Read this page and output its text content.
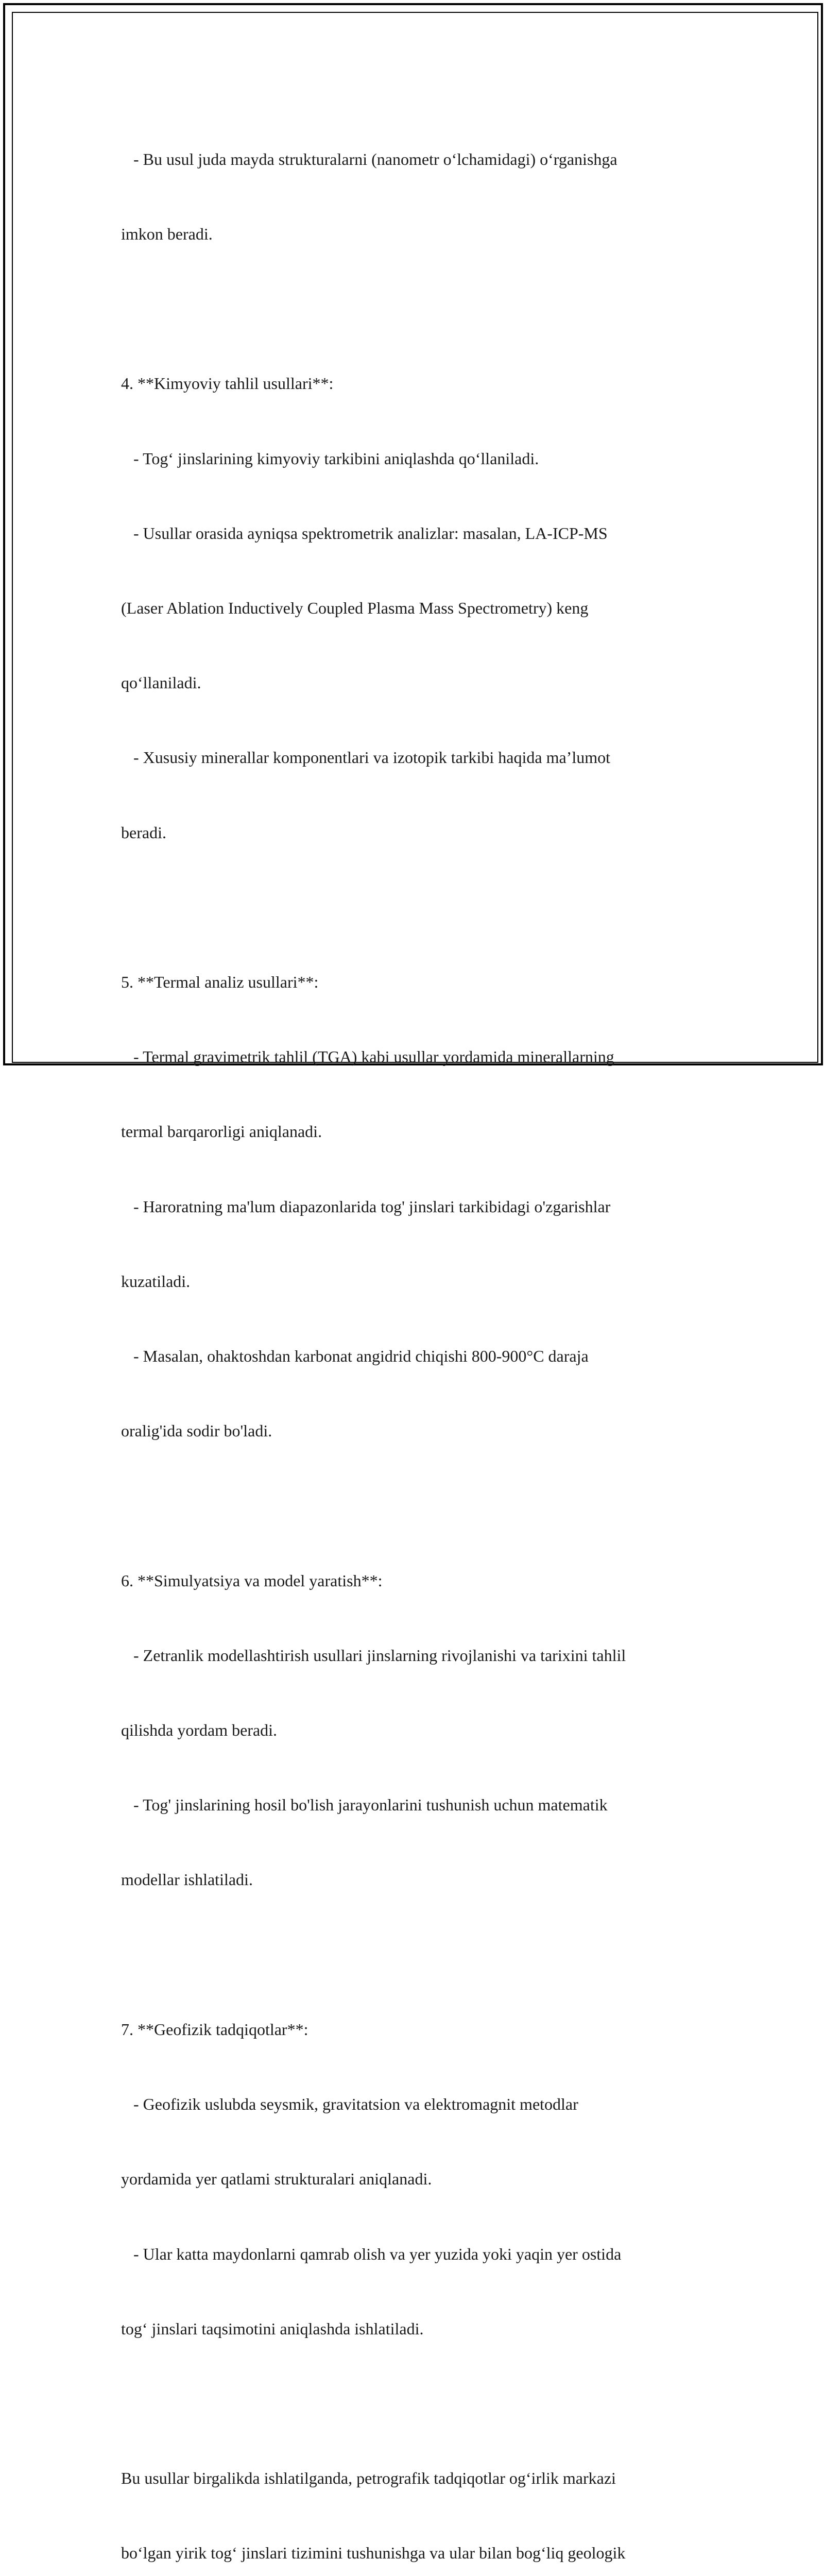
- Bu usul juda mayda strukturalarni (nanometr o‘lchamidagi) o‘rganishga

imkon beradi.

4. **Kimyoviy tahlil usullari**:

- Tog‘ jinslarining kimyoviy tarkibini aniqlashda qo‘llaniladi.

- Usullar orasida ayniqsa spektrometrik analizlar: masalan, LA-ICP-MS

(Laser Ablation Inductively Coupled Plasma Mass Spectrometry) keng

qo‘llaniladi.

- Xususiy minerallar komponentlari va izotopik tarkibi haqida ma’lumot

beradi.

5. **Termal analiz usullari**:

- Termal gravimetrik tahlil (TGA) kabi usullar yordamida minerallarning

termal barqarorligi aniqlanadi.

- Haroratning ma'lum diapazonlarida tog' jinslari tarkibidagi o'zgarishlar

kuzatiladi.

- Masalan, ohaktoshdan karbonat angidrid chiqishi 800-900°C daraja

oralig'ida sodir bo'ladi.

6. **Simulyatsiya va model yaratish**:

- Zetranlik modellashtirish usullari jinslarning rivojlanishi va tarixini tahlil

qilishda yordam beradi.

- Tog' jinslarining hosil bo'lish jarayonlarini tushunish uchun matematik

modellar ishlatiladi.

7. **Geofizik tadqiqotlar**:

- Geofizik uslubda seysmik, gravitatsion va elektromagnit metodlar

yordamida yer qatlami strukturalari aniqlanadi.

- Ular katta maydonlarni qamrab olish va yer yuzida yoki yaqin yer ostida

tog‘ jinslari taqsimotini aniqlashda ishlatiladi.

Bu usullar birgalikda ishlatilganda, petrografik tadqiqotlar og‘irlik markazi

bo‘lgan yirik tog‘ jinslari tizimini tushunishga va ular bilan bog‘liq geologik
